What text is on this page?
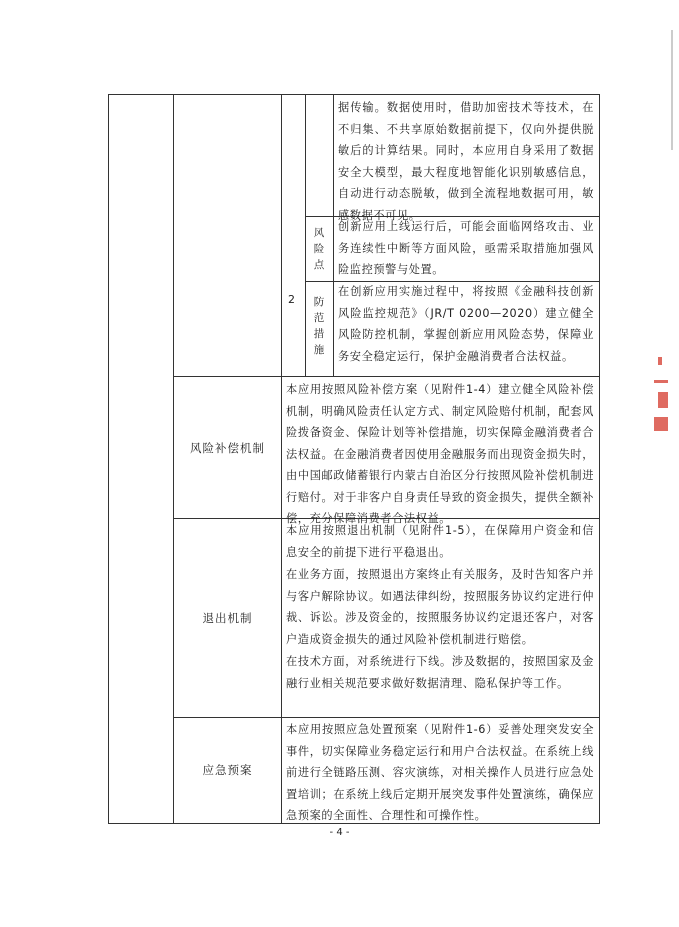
据传输。数据使用时，借助加密技术等技术，在不归集、不共享原始数据前提下，仅向外提供脱敏后的计算结果。同时，本应用自身采用了数据安全大模型，最大程度地智能化识别敏感信息，自动进行动态脱敏，做到全流程地数据可用，敏感数据不可见。
2
风险点
创新应用上线运行后，可能会面临网络攻击、业务连续性中断等方面风险，亟需采取措施加强风险监控预警与处置。
防范措施
在创新应用实施过程中，将按照《金融科技创新风险监控规范》（JR/T 0200—2020）建立健全风险防控机制，掌握创新应用风险态势，保障业务安全稳定运行，保护金融消费者合法权益。
风险补偿机制
本应用按照风险补偿方案（见附件1-4）建立健全风险补偿机制，明确风险责任认定方式、制定风险赔付机制，配套风险拨备资金、保险计划等补偿措施，切实保障金融消费者合法权益。在金融消费者因使用金融服务而出现资金损失时，由中国邮政储蓄银行内蒙古自治区分行按照风险补偿机制进行赔付。对于非客户自身责任导致的资金损失，提供全额补偿，充分保障消费者合法权益。
退出机制
本应用按照退出机制（见附件1-5），在保障用户资金和信息安全的前提下进行平稳退出。
在业务方面，按照退出方案终止有关服务，及时告知客户并与客户解除协议。如遇法律纠纷，按照服务协议约定进行仲裁、诉讼。涉及资金的，按照服务协议约定退还客户，对客户造成资金损失的通过风险补偿机制进行赔偿。
在技术方面，对系统进行下线。涉及数据的，按照国家及金融行业相关规范要求做好数据清理、隐私保护等工作。
应急预案
本应用按照应急处置预案（见附件1-6）妥善处理突发安全事件，切实保障业务稳定运行和用户合法权益。在系统上线前进行全链路压测、容灾演练，对相关操作人员进行应急处置培训；在系统上线后定期开展突发事件处置演练，确保应急预案的全面性、合理性和可操作性。
- 4 -
